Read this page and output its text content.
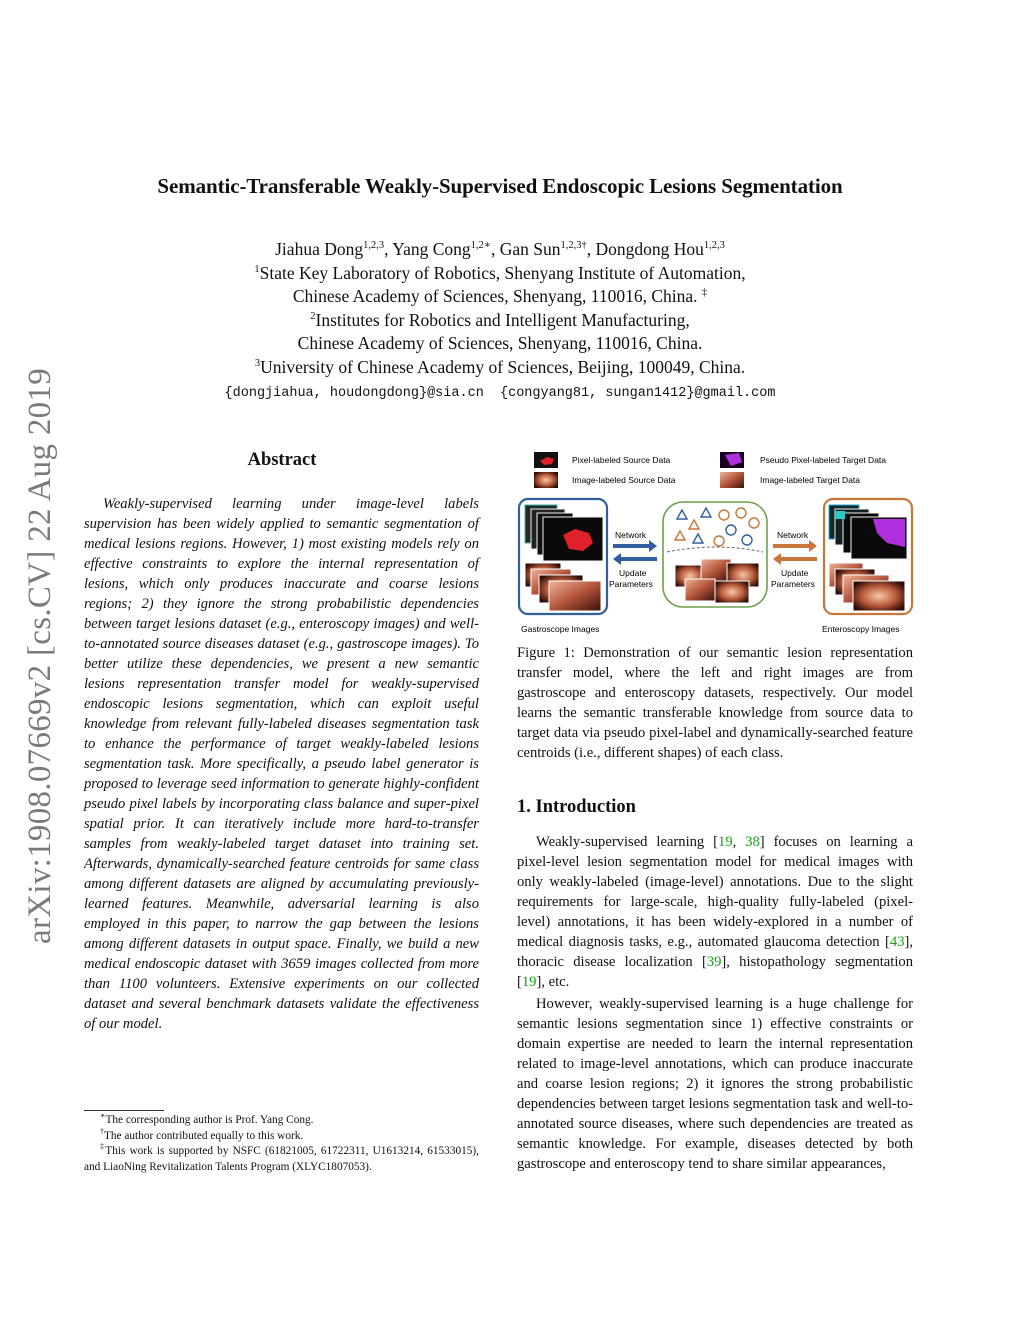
arXiv:1908.07669v2 [cs.CV] 22 Aug 2019
Semantic-Transferable Weakly-Supervised Endoscopic Lesions Segmentation
Jiahua Dong$^{1,2,3}$, Yang Cong$^{1,2∗}$, Gan Sun$^{1,2,3\dagger}$, Dongdong Hou$^{1,2,3}$
$^1$State Key Laboratory of Robotics, Shenyang Institute of Automation,
Chinese Academy of Sciences, Shenyang, 110016, China. ‡
$^2$Institutes for Robotics and Intelligent Manufacturing,
Chinese Academy of Sciences, Shenyang, 110016, China.
$^3$University of Chinese Academy of Sciences, Beijing, 100049, China.
{dongjiahua, houdongdong}@sia.cn {congyang81, sungan1412}@gmail.com
Abstract

Weakly-supervised learning under image-level labels supervision has been widely applied to semantic segmentation of medical lesions regions. However, 1) most existing models rely on effective constraints to explore the internal representation of lesions, which only produces inaccurate and coarse lesions regions; 2) they ignore the strong probabilistic dependencies between target lesions dataset (e.g., enteroscopy images) and well-to-annotated source diseases dataset (e.g., gastroscope images). To better utilize these dependencies, we present a new semantic lesions representation transfer model for weakly-supervised endoscopic lesions segmentation, which can exploit useful knowledge from relevant fully-labeled diseases segmentation task to enhance the performance of target weakly-labeled lesions segmentation task. More specifically, a pseudo label generator is proposed to leverage seed information to generate highly-confident pseudo pixel labels by incorporating class balance and super-pixel spatial prior. It can iteratively include more hard-to-transfer samples from weakly-labeled target dataset into training set. Afterwards, dynamically-searched feature centroids for same class among different datasets are aligned by accumulating previously-learned features. Meanwhile, adversarial learning is also employed in this paper, to narrow the gap between the lesions among different datasets in output space. Finally, we build a new medical endoscopic dataset with 3659 images collected from more than 1100 volunteers. Extensive experiments on our collected dataset and several benchmark datasets validate the effectiveness of our model.

∗The corresponding author is Prof. Yang Cong.

†The author contributed equally to this work.

‡This work is supported by NSFC (61821005, 61722311, U1613214, 61533015), and LiaoNing Revitalization Talents Program (XLYC1807053).

Pixel-labeled Source Data
Image-labeled Source Data
Pseudo Pixel-labeled Target Data
Image-labeled Target Data
Gastroscope Images
Network
Update
Parameters
Network
Update
Parameters
Enteroscopy Images

Figure 1: Demonstration of our semantic lesion representation transfer model, where the left and right images are from gastroscope and enteroscopy datasets, respectively. Our model learns the semantic transferable knowledge from source data to target data via pseudo pixel-label and dynamically-searched feature centroids (i.e., different shapes) of each class.

1. Introduction

Weakly-supervised learning [19, 38] focuses on learning a pixel-level lesion segmentation model for medical images with only weakly-labeled (image-level) annotations. Due to the slight requirements for large-scale, high-quality fully-labeled (pixel-level) annotations, it has been widely-explored in a number of medical diagnosis tasks, e.g., automated glaucoma detection [43], thoracic disease localization [39], histopathology segmentation [19], etc.

However, weakly-supervised learning is a huge challenge for semantic lesions segmentation since 1) effective constraints or domain expertise are needed to learn the internal representation related to image-level annotations, which can produce inaccurate and coarse lesion regions; 2) it ignores the strong probabilistic dependencies between target lesions segmentation task and well-to-annotated source diseases, where such dependencies are treated as semantic knowledge. For example, diseases detected by both gastroscope and enteroscopy tend to share similar appearances,
